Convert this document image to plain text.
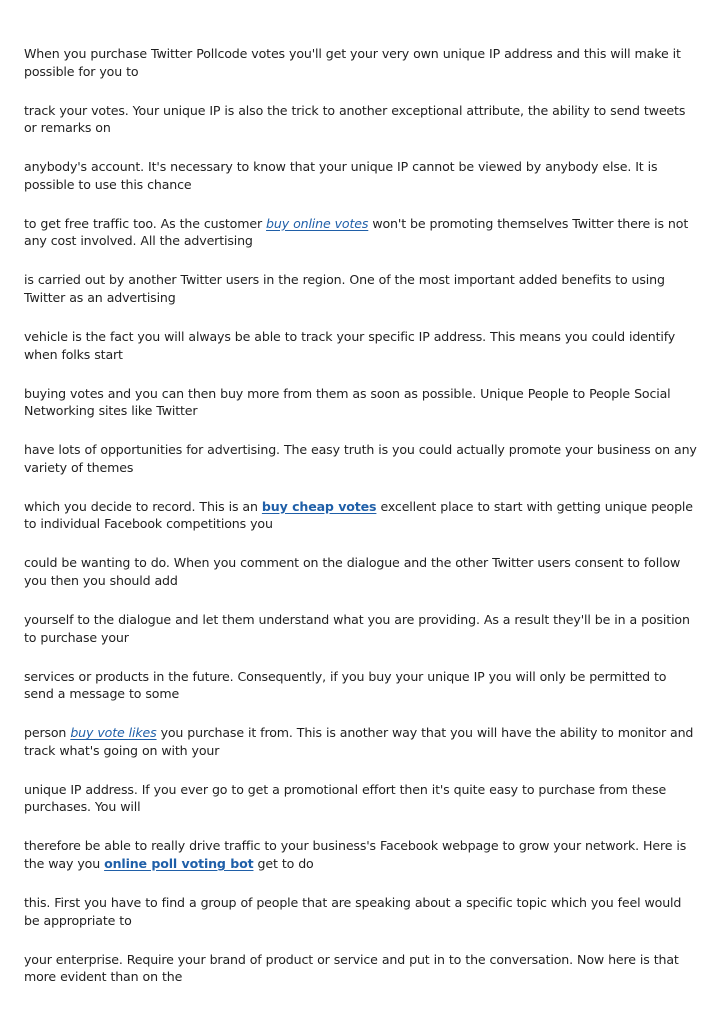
When you purchase Twitter Pollcode votes you'll get your very own unique IP address and this will make it possible for you to

track your votes. Your unique IP is also the trick to another exceptional attribute, the ability to send tweets or remarks on

anybody's account. It's necessary to know that your unique IP cannot be viewed by anybody else. It is possible to use this chance

to get free traffic too. As the customer buy online votes won't be promoting themselves Twitter there is not any cost involved. All the advertising

is carried out by another Twitter users in the region. One of the most important added benefits to using Twitter as an advertising

vehicle is the fact you will always be able to track your specific IP address. This means you could identify when folks start

buying votes and you can then buy more from them as soon as possible. Unique People to People Social Networking sites like Twitter

have lots of opportunities for advertising. The easy truth is you could actually promote your business on any variety of themes

which you decide to record. This is an buy cheap votes excellent place to start with getting unique people to individual Facebook competitions you

could be wanting to do. When you comment on the dialogue and the other Twitter users consent to follow you then you should add

yourself to the dialogue and let them understand what you are providing. As a result they'll be in a position to purchase your

services or products in the future. Consequently, if you buy your unique IP you will only be permitted to send a message to some

person buy vote likes you purchase it from. This is another way that you will have the ability to monitor and track what's going on with your

unique IP address. If you ever go to get a promotional effort then it's quite easy to purchase from these purchases. You will

therefore be able to really drive traffic to your business's Facebook webpage to grow your network. Here is the way you online poll voting bot get to do

this. First you have to find a group of people that are speaking about a specific topic which you feel would be appropriate to

your enterprise. Require your brand of product or service and put in to the conversation. Now here is that more evident than on the
